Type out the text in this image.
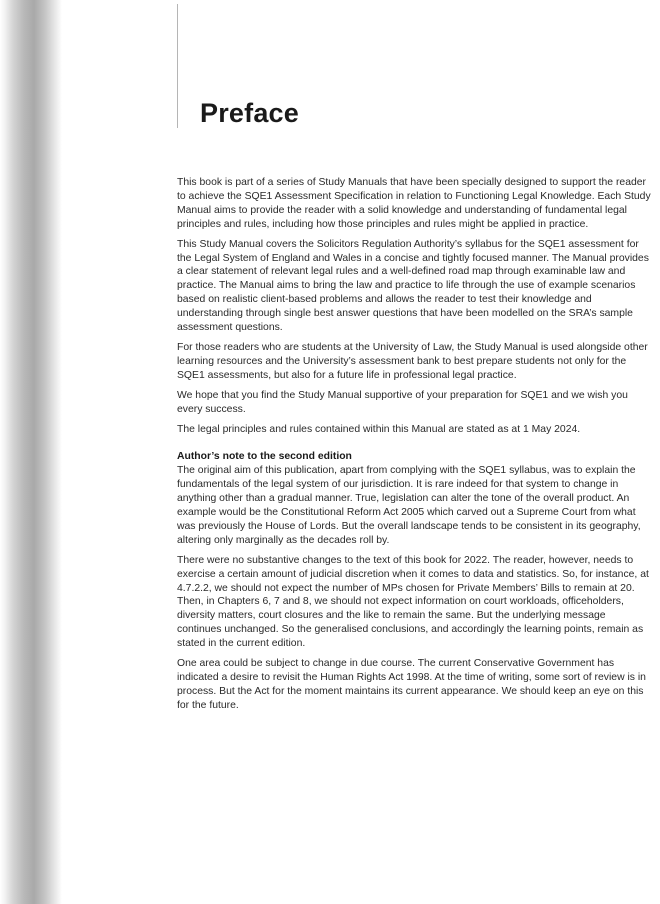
Preface

This book is part of a series of Study Manuals that have been specially designed to support the reader to achieve the SQE1 Assessment Specification in relation to Functioning Legal Knowledge. Each Study Manual aims to provide the reader with a solid knowledge and understanding of fundamental legal principles and rules, including how those principles and rules might be applied in practice.

This Study Manual covers the Solicitors Regulation Authority’s syllabus for the SQE1 assessment for the Legal System of England and Wales in a concise and tightly focused manner. The Manual provides a clear statement of relevant legal rules and a well-defined road map through examinable law and practice. The Manual aims to bring the law and practice to life through the use of example scenarios based on realistic client-based problems and allows the reader to test their knowledge and understanding through single best answer questions that have been modelled on the SRA’s sample assessment questions.

For those readers who are students at the University of Law, the Study Manual is used alongside other learning resources and the University’s assessment bank to best prepare students not only for the SQE1 assessments, but also for a future life in professional legal practice.

We hope that you find the Study Manual supportive of your preparation for SQE1 and we wish you every success.

The legal principles and rules contained within this Manual are stated as at 1 May 2024.

Author’s note to the second edition

The original aim of this publication, apart from complying with the SQE1 syllabus, was to explain the fundamentals of the legal system of our jurisdiction. It is rare indeed for that system to change in anything other than a gradual manner. True, legislation can alter the tone of the overall product. An example would be the Constitutional Reform Act 2005 which carved out a Supreme Court from what was previously the House of Lords. But the overall landscape tends to be consistent in its geography, altering only marginally as the decades roll by.

There were no substantive changes to the text of this book for 2022. The reader, however, needs to exercise a certain amount of judicial discretion when it comes to data and statistics. So, for instance, at 4.7.2.2, we should not expect the number of MPs chosen for Private Members’ Bills to remain at 20. Then, in Chapters 6, 7 and 8, we should not expect information on court workloads, officeholders, diversity matters, court closures and the like to remain the same. But the underlying message continues unchanged. So the generalised conclusions, and accordingly the learning points, remain as stated in the current edition.

One area could be subject to change in due course. The current Conservative Government has indicated a desire to revisit the Human Rights Act 1998. At the time of writing, some sort of review is in process. But the Act for the moment maintains its current appearance. We should keep an eye on this for the future.
